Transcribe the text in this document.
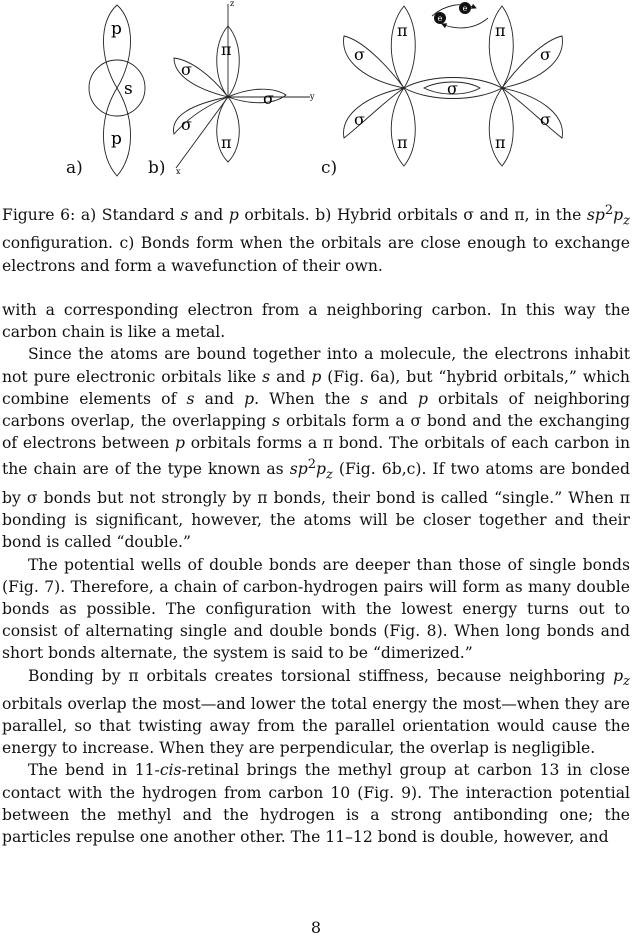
e
e
p
s
p
z
y
x
π
π
σ
σ
σ
π
π
π
π
σ
σ
σ
σ
σ
a)	b)	c)
Figure 6: a) Standard s and p orbitals. b) Hybrid orbitals σ and π, in the $sp^2p_z$ configuration. c) Bonds form when the orbitals are close enough to exchange electrons and form a wavefunction of their own.

with a corresponding electron from a neighboring carbon. In this way the carbon chain is like a metal.

Since the atoms are bound together into a molecule, the electrons inhabit not pure electronic orbitals like s and p (Fig. 6a), but “hybrid orbitals,” which combine elements of s and p. When the s and p orbitals of neighboring carbons overlap, the overlapping s orbitals form a σ bond and the exchanging of electrons between p orbitals forms a π bond. The orbitals of each carbon in the chain are of the type known as $sp^2p_z$ (Fig. 6b,c). If two atoms are bonded by σ bonds but not strongly by π bonds, their bond is called “single.” When π bonding is significant, however, the atoms will be closer together and their bond is called “double.”

The potential wells of double bonds are deeper than those of single bonds (Fig. 7). Therefore, a chain of carbon-hydrogen pairs will form as many double bonds as possible. The configuration with the lowest energy turns out to consist of alternating single and double bonds (Fig. 8). When long bonds and short bonds alternate, the system is said to be “dimerized.”

Bonding by π orbitals creates torsional stiffness, because neighboring $p_z$ orbitals overlap the most—and lower the total energy the most—when they are parallel, so that twisting away from the parallel orientation would cause the energy to increase. When they are perpendicular, the overlap is negligible.

The bend in 11-cis-retinal brings the methyl group at carbon 13 in close contact with the hydrogen from carbon 10 (Fig. 9). The interaction potential between the methyl and the hydrogen is a strong antibonding one; the particles repulse one another other. The 11–12 bond is double, however, and

8
